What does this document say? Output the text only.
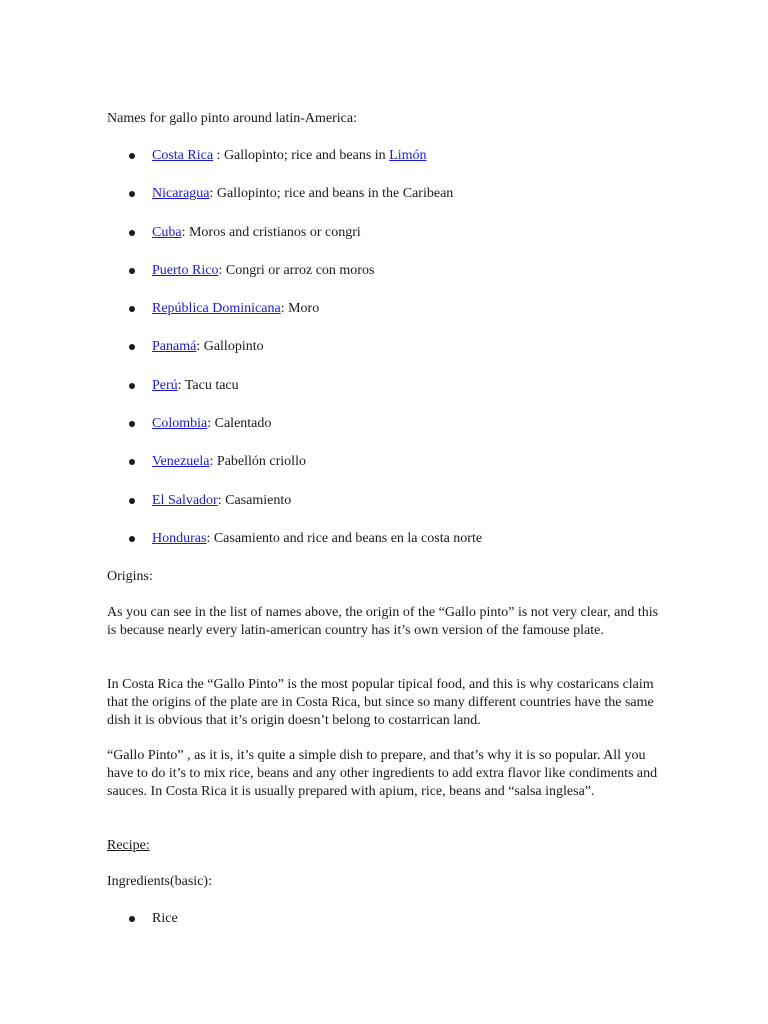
Names for gallo pinto around latin-America:

Costa Rica : Gallopinto; rice and beans in Limón
Nicaragua: Gallopinto; rice and beans in the Caribean
Cuba: Moros and cristianos or congri
Puerto Rico: Congri or arroz con moros
República Dominicana: Moro
Panamá: Gallopinto
Perú: Tacu tacu
Colombia: Calentado
Venezuela: Pabellón criollo
El Salvador: Casamiento
Honduras: Casamiento and rice and beans en la costa norte

Origins:

As you can see in the list of names above, the origin of the “Gallo pinto” is not very clear, and this is because nearly every latin-american country has it’s own version of the famouse plate.

In Costa Rica the “Gallo Pinto” is the most popular tipical food, and this is why costaricans claim that the origins of the plate are in Costa Rica, but since so many different countries have the same dish it is obvious that it’s origin doesn’t belong to costarrican land.

“Gallo Pinto” , as it is, it’s quite a simple dish to prepare, and that’s why it is so popular. All you have to do it’s to mix rice, beans and any other ingredients to add extra flavor like condiments and sauces. In Costa Rica it is usually prepared with apium, rice, beans and “salsa inglesa”.

Recipe:

Ingredients(basic):

Rice
